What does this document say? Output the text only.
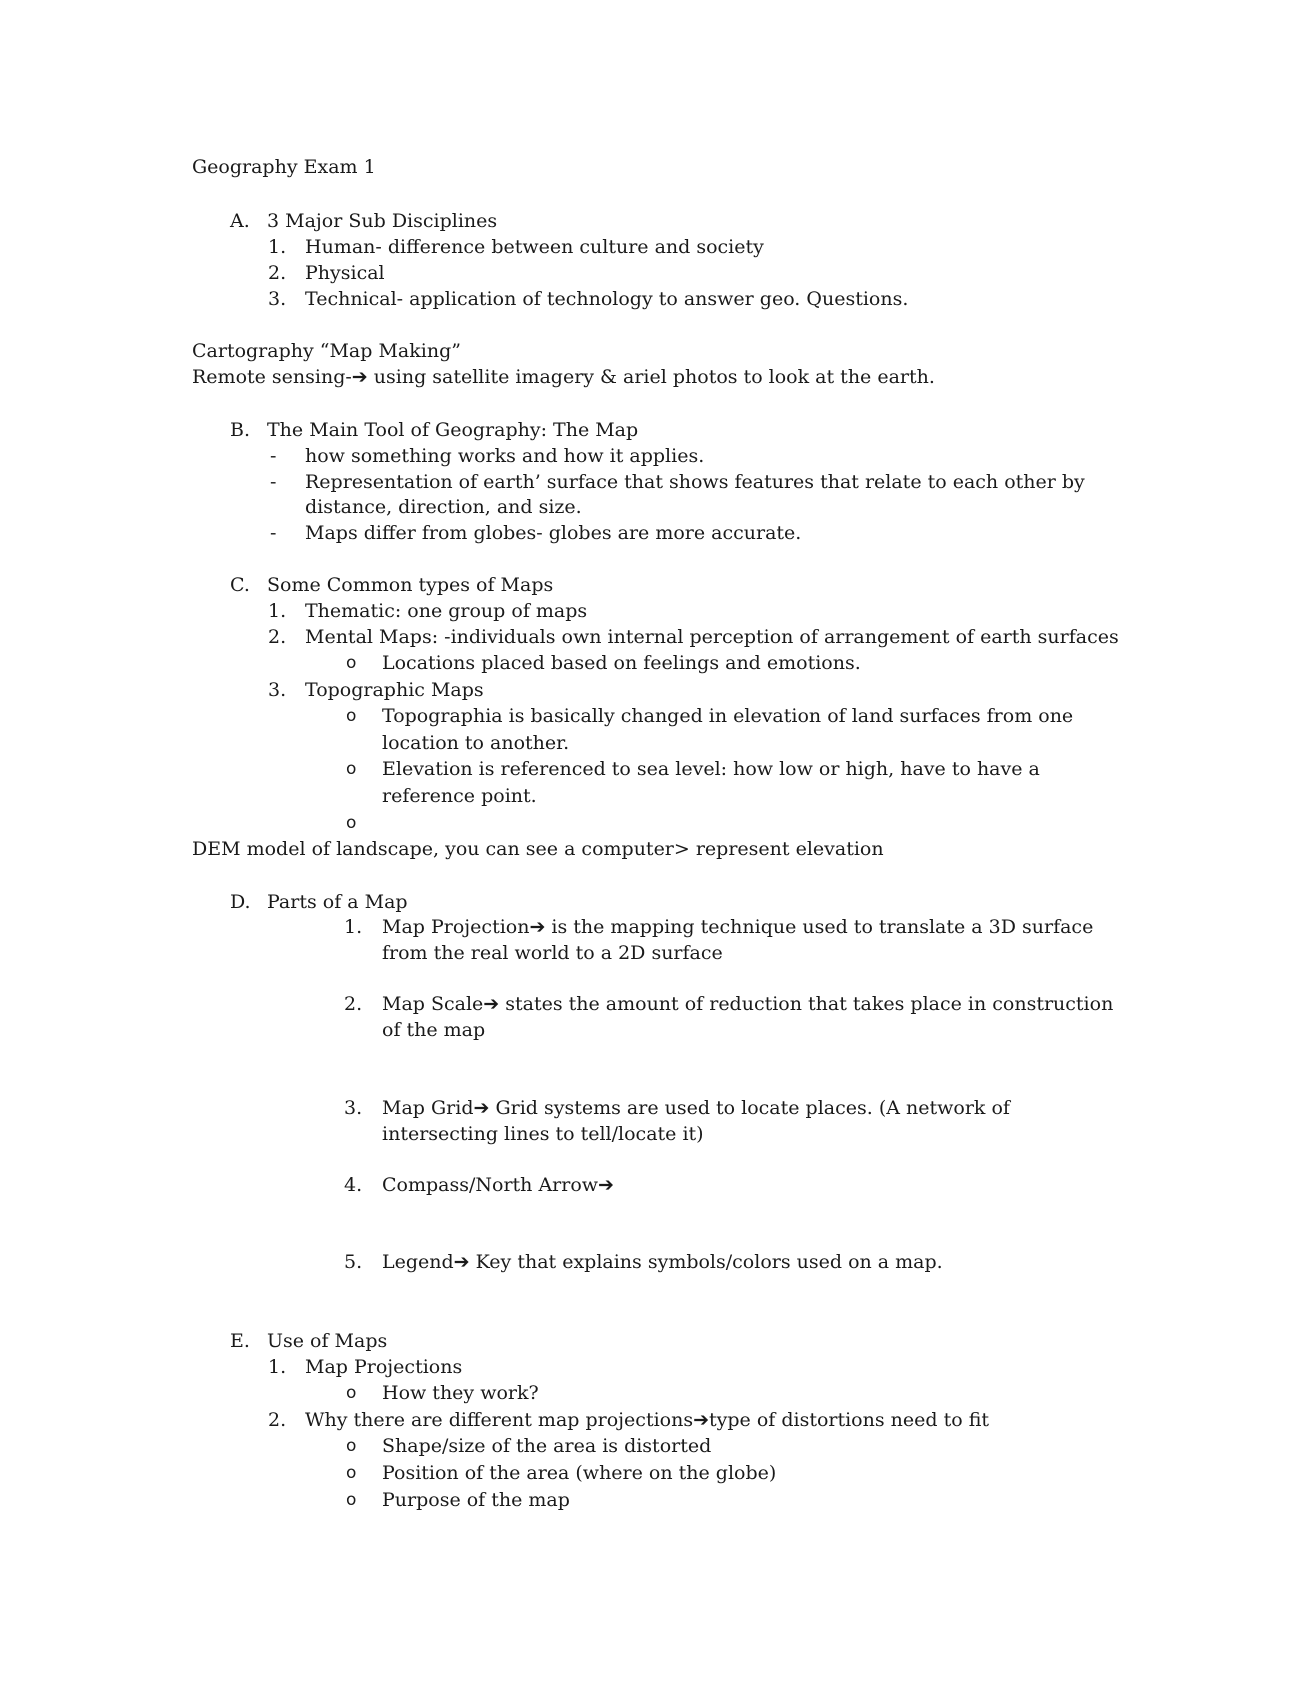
Geography Exam 1
A. 3 Major Sub Disciplines
1. Human- difference between culture and society
2. Physical
3. Technical- application of technology to answer geo. Questions.
Cartography “Map Making”
Remote sensing-➔ using satellite imagery & ariel photos to look at the earth.
B. The Main Tool of Geography: The Map
- how something works and how it applies.
- Representation of earth’ surface that shows features that relate to each other by
distance, direction, and size.
- Maps differ from globes- globes are more accurate.
C. Some Common types of Maps
1. Thematic: one group of maps
2. Mental Maps: -individuals own internal perception of arrangement of earth surfaces
o Locations placed based on feelings and emotions.
3. Topographic Maps
o Topographia is basically changed in elevation of land surfaces from one
location to another.
o Elevation is referenced to sea level: how low or high, have to have a
reference point.
o
DEM model of landscape, you can see a computer> represent elevation
D. Parts of a Map
1. Map Projection➔ is the mapping technique used to translate a 3D surface
from the real world to a 2D surface
2. Map Scale➔ states the amount of reduction that takes place in construction
of the map
3. Map Grid➔ Grid systems are used to locate places. (A network of
intersecting lines to tell/locate it)
4. Compass/North Arrow➔
5. Legend➔ Key that explains symbols/colors used on a map.
E. Use of Maps
1. Map Projections
o How they work?
2. Why there are different map projections➔type of distortions need to fit
o Shape/size of the area is distorted
o Position of the area (where on the globe)
o Purpose of the map
